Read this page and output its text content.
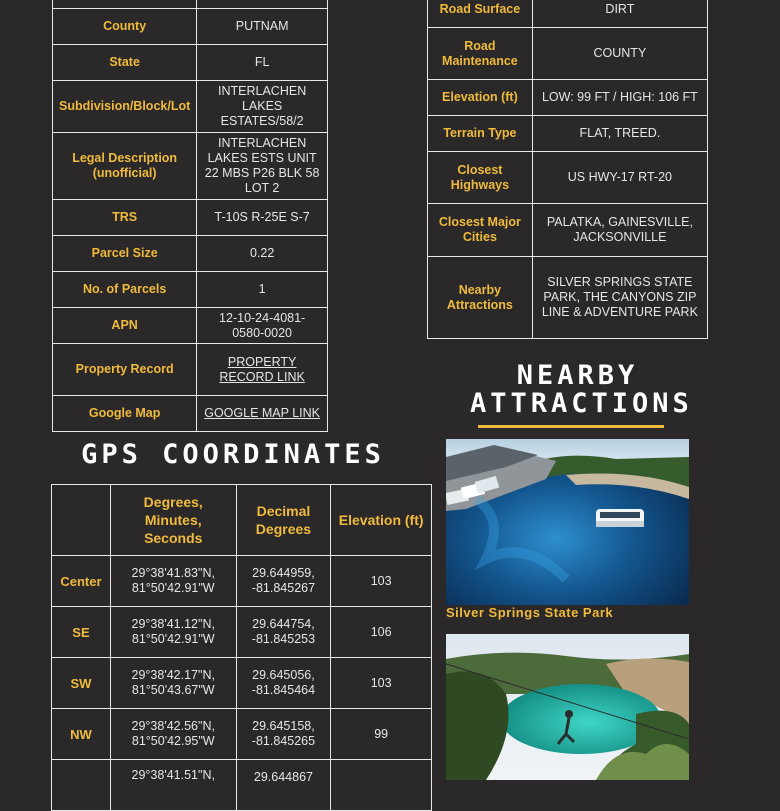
County	PUTNAM
State	FL
Subdivision/Block/Lot	INTERLACHEN LAKES ESTATES/58/2
Legal Description (unofficial)	INTERLACHEN LAKES ESTS UNIT 22 MBS P26 BLK 58 LOT 2
TRS	T-10S R-25E S-7
Parcel Size	0.22
No. of Parcels	1
APN	12-10-24-4081-0580-0020
Property Record	PROPERTY RECORD LINK
Google Map	GOOGLE MAP LINK
Road Surface	DIRT
Road Maintenance	COUNTY
Elevation (ft)	LOW: 99 FT / HIGH: 106 FT
Terrain Type	FLAT, TREED.
Closest Highways	US HWY-17 RT-20
Closest Major Cities	PALATKA, GAINESVILLE, JACKSONVILLE
Nearby Attractions	SILVER SPRINGS STATE PARK, THE CANYONS ZIP LINE & ADVENTURE PARK
GPS COORDINATES
	Degrees, Minutes, Seconds	Decimal Degrees	Elevation (ft)
Center	29°38'41.83"N, 81°50'42.91"W	29.644959, -81.845267	103
SE	29°38'41.12"N, 81°50'42.91"W	29.644754, -81.845253	106
SW	29°38'42.17"N, 81°50'43.67"W	29.645056, -81.845464	103
NW	29°38'42.56"N, 81°50'42.95"W	29.645158, -81.845265	99
	29°38'41.51"N,	29.644867	
NEARBY
ATTRACTIONS
Silver Springs State Park
